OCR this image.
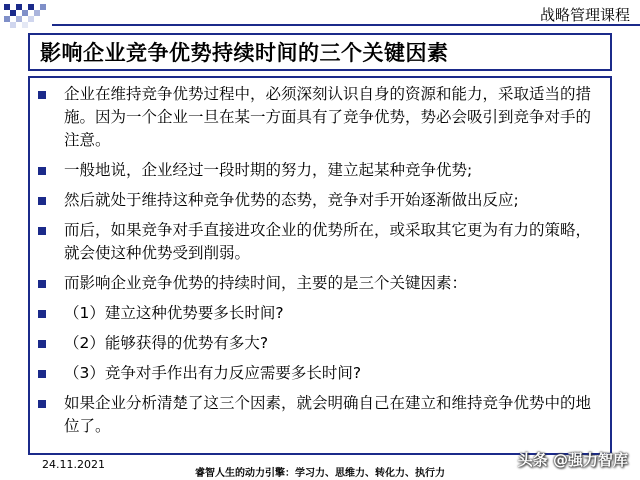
战略管理课程
影响企业竞争优势持续时间的三个关键因素
企业在维持竞争优势过程中，必须深刻认识自身的资源和能力，采取适当的措施。因为一个企业一旦在某一方面具有了竞争优势，势必会吸引到竞争对手的注意。
一般地说，企业经过一段时期的努力，建立起某种竞争优势;
然后就处于维持这种竞争优势的态势，竞争对手开始逐渐做出反应;
而后，如果竞争对手直接进攻企业的优势所在，或采取其它更为有力的策略，就会使这种优势受到削弱。
而影响企业竞争优势的持续时间，主要的是三个关键因素：
（1）建立这种优势要多长时间?
（2）能够获得的优势有多大?
（3）竞争对手作出有力反应需要多长时间?
如果企业分析清楚了这三个因素，就会明确自己在建立和维持竞争优势中的地位了。
24.11.2021
睿智人生的动力引擎：学习力、思维力、转化力、执行力
头条 @强力智库
